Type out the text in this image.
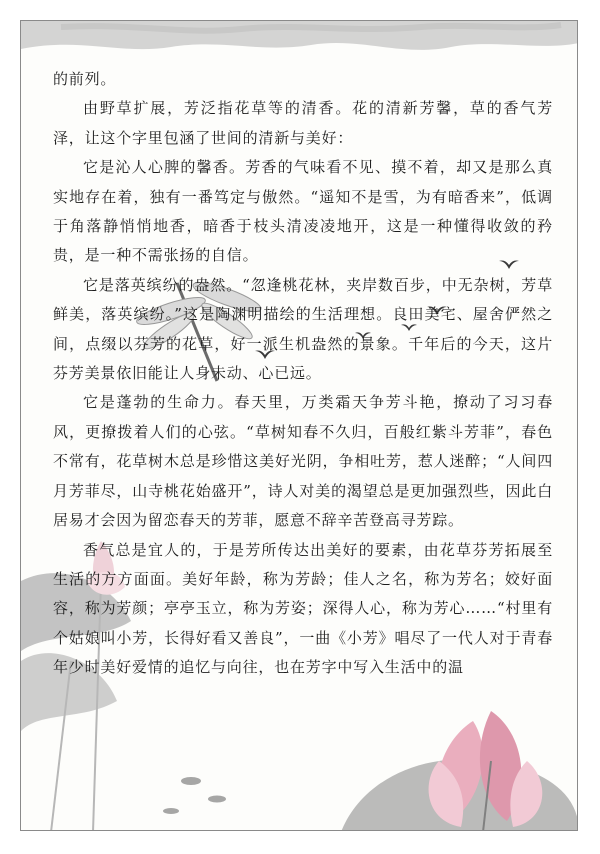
的前列。

由野草扩展，芳泛指花草等的清香。花的清新芳馨，草的香气芳泽，让这个字里包涵了世间的清新与美好：

它是沁人心脾的馨香。芳香的气味看不见、摸不着，却又是那么真实地存在着，独有一番笃定与傲然。“遥知不是雪，为有暗香来”，低调于角落静悄悄地香，暗香于枝头清凌凌地开，这是一种懂得收敛的矜贵，是一种不需张扬的自信。

它是落英缤纷的盎然。“忽逢桃花林，夹岸数百步，中无杂树，芳草鲜美，落英缤纷。”这是陶渊明描绘的生活理想。良田美宅、屋舍俨然之间，点缀以芬芳的花草，好一派生机盎然的景象。千年后的今天，这片芬芳美景依旧能让人身未动、心已远。

它是蓬勃的生命力。春天里，万类霜天争芳斗艳，撩动了习习春风，更撩拨着人们的心弦。“草树知春不久归，百般红紫斗芳菲”，春色不常有，花草树木总是珍惜这美好光阴，争相吐芳，惹人迷醉；“人间四月芳菲尽，山寺桃花始盛开”，诗人对美的渴望总是更加强烈些，因此白居易才会因为留恋春天的芳菲，愿意不辞辛苦登高寻芳踪。

香气总是宜人的，于是芳所传达出美好的要素，由花草芬芳拓展至生活的方方面面。美好年龄，称为芳龄；佳人之名，称为芳名；姣好面容，称为芳颜；亭亭玉立，称为芳姿；深得人心，称为芳心……“村里有个姑娘叫小芳，长得好看又善良”，一曲《小芳》唱尽了一代人对于青春年少时美好爱情的追忆与向往，也在芳字中写入生活中的温
